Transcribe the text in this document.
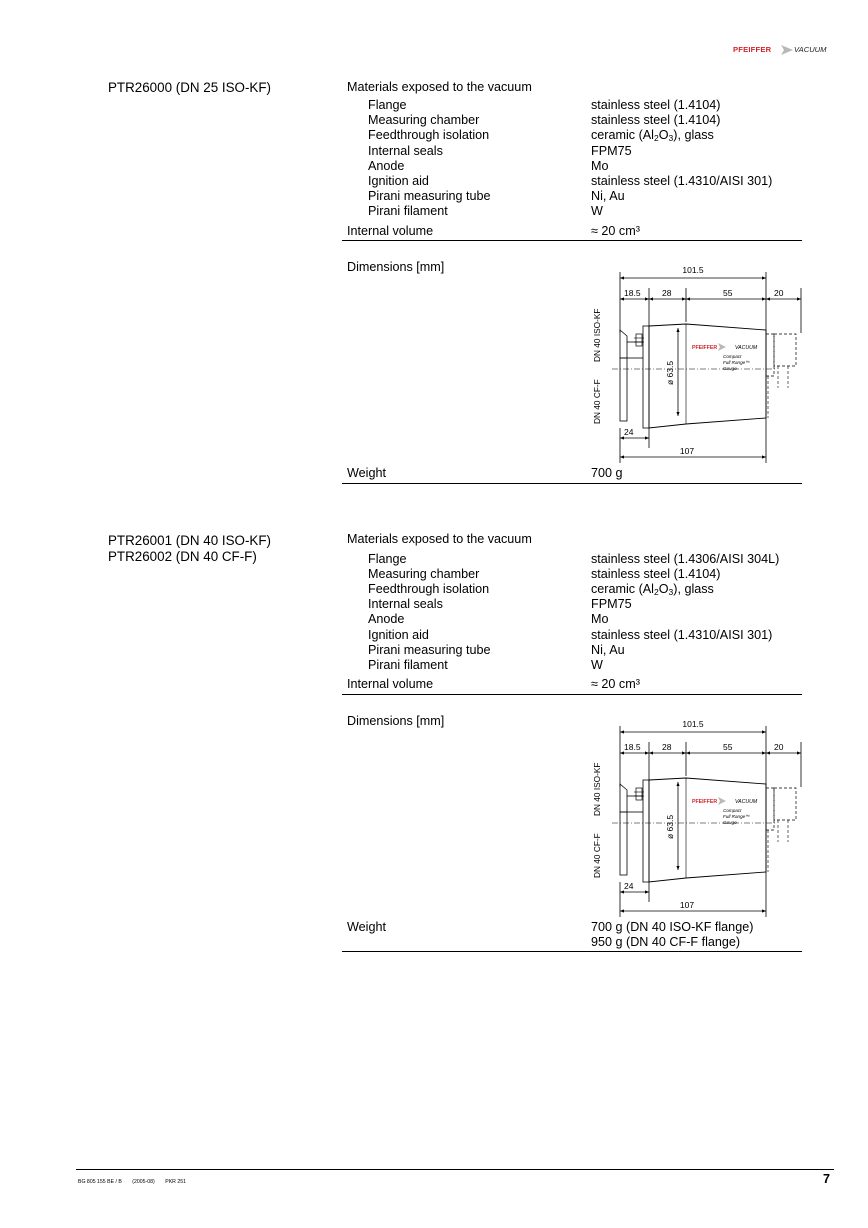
PFEIFFER	VACUUM
PTR26000 (DN 25 ISO-KF)	Materials exposed to the vacuum
Flange	stainless steel (1.4104)
Measuring chamber	stainless steel (1.4104)
Feedthrough isolation	ceramic $(Al_2O_3)$, glass
Internal seals	FPM75
Anode	Mo
Ignition aid	stainless steel (1.4310/AISI 301)
Pirani measuring tube	Ni, Au
Pirani filament	W
Internal volume	≈ 20 cm³
Dimensions [mm]	101.5
18.5	28	55	20
ø 63.5
PFEIFFER	VACUUM
Compact
Full Range™
Gauge
24
107
DN 40 ISO-KF
DN 40 CF-F
Weight	700 g
PTR26001 (DN 40 ISO-KF)
PTR26002 (DN 40 CF-F)
Materials exposed to the vacuum
Flange	stainless steel (1.4306/AISI 304L)
Measuring chamber	stainless steel (1.4104)
Feedthrough isolation	ceramic $(Al_2O_3)$, glass
Internal seals	FPM75
Anode	Mo
Ignition aid	stainless steel (1.4310/AISI 301)
Pirani measuring tube	Ni, Au
Pirani filament	W
Internal volume	≈ 20 cm³
Dimensions [mm]	101.5
18.5	28	55	20
ø 63.5
PFEIFFER	VACUUM
Compact
Full Range™
Gauge
24
107
DN 40 ISO-KF
DN 40 CF-F
Weight	700 g (DN 40 ISO-KF flange)
950 g (DN 40 CF-F flange)
BG 805 155 BE / B (2005-08) PKR 251	7
